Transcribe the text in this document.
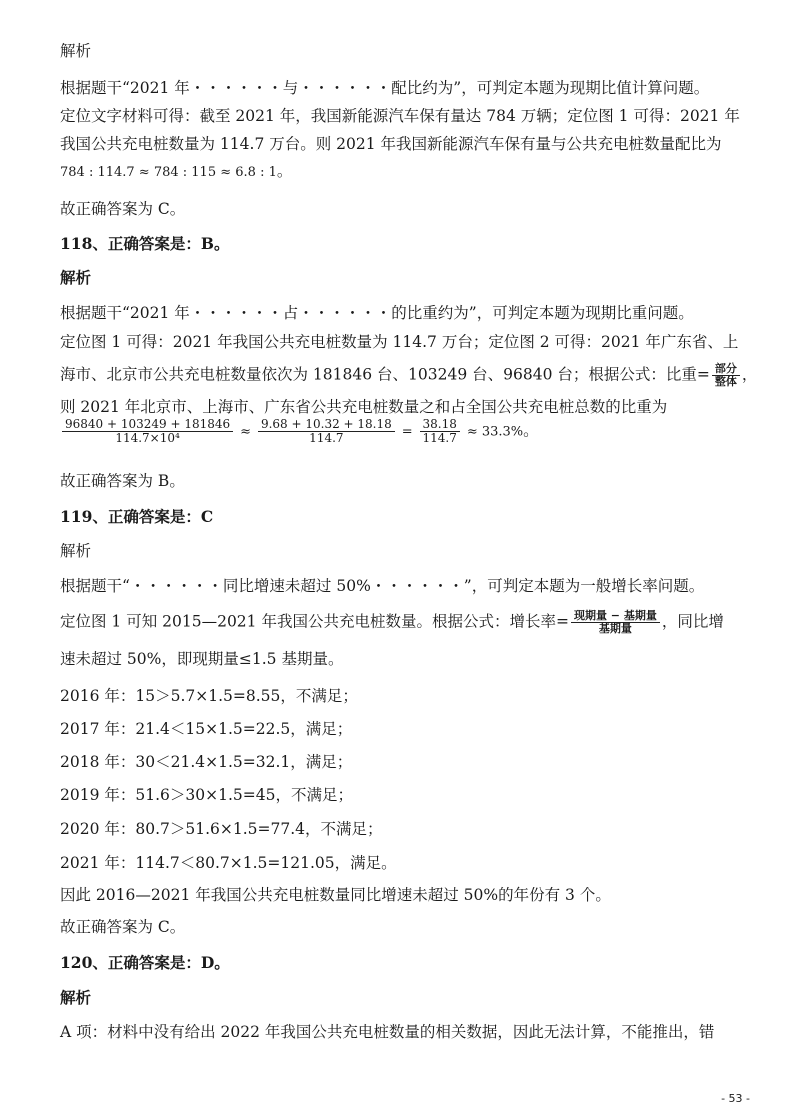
解析
根据题干“2021 年・・・・・・与・・・・・・配比约为”，可判定本题为现期比值计算问题。
定位文字材料可得：截至 2021 年，我国新能源汽车保有量达 784 万辆；定位图 1 可得：2021 年
我国公共充电桩数量为 114.7 万台。则 2021 年我国新能源汽车保有量与公共充电桩数量配比为
784 : 114.7 ≈ 784 : 115 ≈ 6.8 : 1。
故正确答案为 C。
118、正确答案是：B。
解析
根据题干“2021 年・・・・・・占・・・・・・的比重约为”，可判定本题为现期比重问题。
定位图 1 可得：2021 年我国公共充电桩数量为 114.7 万台；定位图 2 可得：2021 年广东省、上
海市、北京市公共充电桩数量依次为 181846 台、103249 台、96840 台；根据公式：比重= $\frac{\text{部分}}{\text{整体}}$ ，
则 2021 年北京市、上海市、广东省公共充电桩数量之和占全国公共充电桩总数的比重为
$\frac{96840 + 103249 + 181846}{\text{114.7×10⁴}} \approx \frac{9.68 + 10.32 + 18.18}{114.7} = \frac{38.18}{114.7} \approx 33.3\%$。
故正确答案为 B。
119、正确答案是：C
解析
根据题干“・・・・・・同比增速未超过 50%・・・・・・”，可判定本题为一般增长率问题。
定位图 1 可知 2015—2021 年我国公共充电桩数量。根据公式：增长率= $\frac{\text{现期量 − 基期量}}{\text{基期量}}$ ，同比增
速未超过 50%，即现期量≤1.5 基期量。
2016 年：15＞5.7×1.5=8.55，不满足；
2017 年：21.4＜15×1.5=22.5，满足；
2018 年：30＜21.4×1.5=32.1，满足；
2019 年：51.6＞30×1.5=45，不满足；
2020 年：80.7＞51.6×1.5=77.4，不满足；
2021 年：114.7＜80.7×1.5=121.05，满足。
因此 2016—2021 年我国公共充电桩数量同比增速未超过 50%的年份有 3 个。
故正确答案为 C。
120、正确答案是：D。
解析
A 项：材料中没有给出 2022 年我国公共充电桩数量的相关数据，因此无法计算，不能推出，错
- 53 -
